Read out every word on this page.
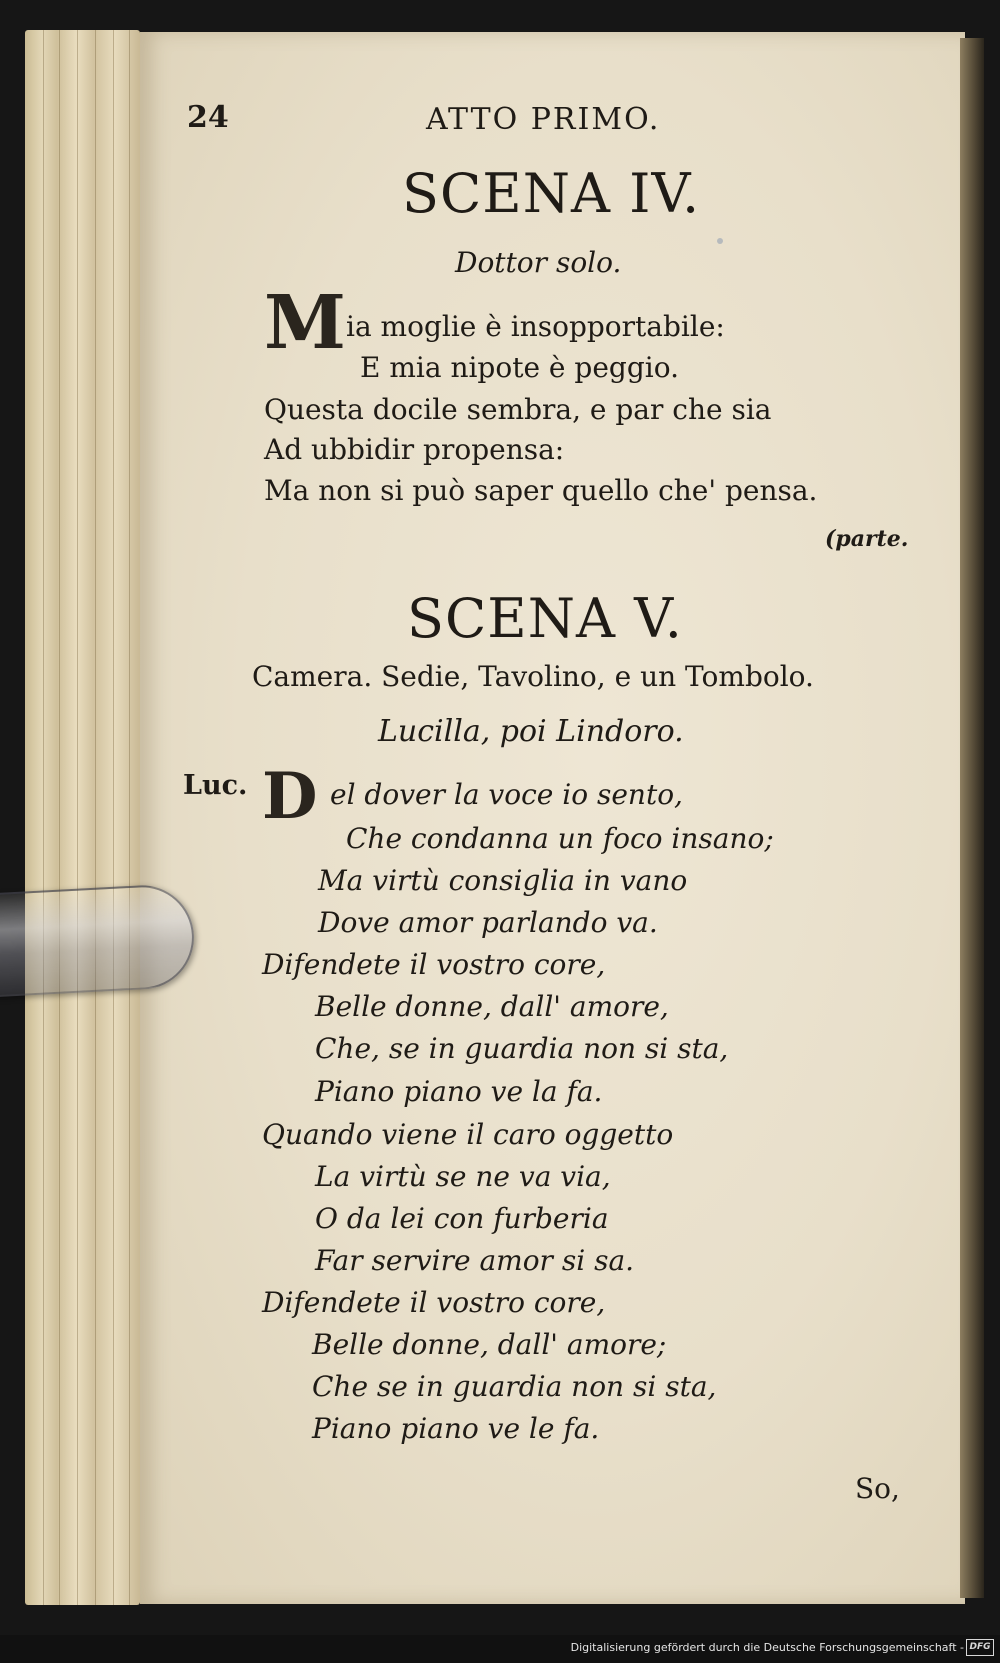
24	ATTO PRIMO.
SCENA IV.
Dottor solo.
M ia moglie è insopportabile:
E mia nipote è peggio.
Questa docile sembra, e par che sia
Ad ubbidir propensa:
Ma non si può saper quello che' pensa.
(parte.
SCENA V.
Camera. Sedie, Tavolino, e un Tombolo.
Lucilla, poi Lindoro.
Luc. D el dover la voce io sento,
Che condanna un foco insano;
Ma virtù consiglia in vano
Dove amor parlando va.
Difendete il vostro core,
Belle donne, dall' amore,
Che, se in guardia non si sta,
Piano piano ve la fa.
Quando viene il caro oggetto
La virtù se ne va via,
O da lei con furberia
Far servire amor si sa.
Difendete il vostro core,
Belle donne, dall' amore;
Che se in guardia non si sta,
Piano piano ve le fa.
So,
Digitalisierung gefördert durch die Deutsche Forschungsgemeinschaft - DFG
